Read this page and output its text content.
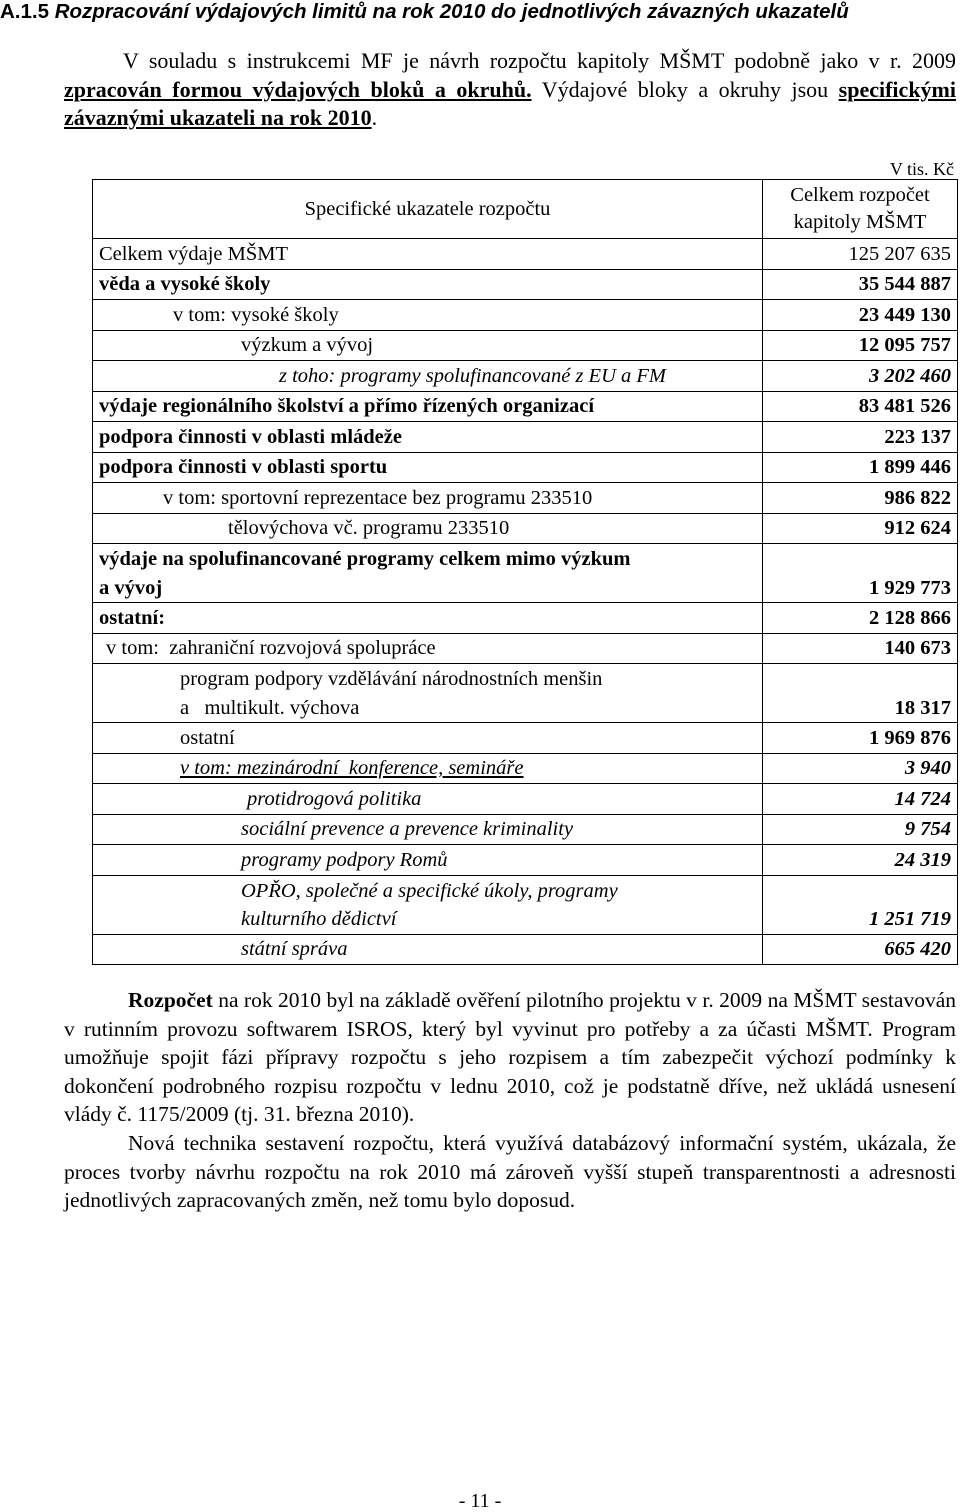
A.1.5 Rozpracování výdajových limitů na rok 2010 do jednotlivých závazných ukazatelů

V souladu s instrukcemi MF je návrh rozpočtu kapitoly MŠMT podobně jako v r. 2009 zpracován formou výdajových bloků a okruhů. Výdajové bloky a okruhy jsou specifickými závaznými ukazateli na rok 2010.

V tis. Kč
Specifické ukazatele rozpočtu	Celkem rozpočet
kapitoly MŠMT
Celkem výdaje MŠMT	125 207 635
věda a vysoké školy	35 544 887
v tom: vysoké školy	23 449 130
výzkum a vývoj	12 095 757
z toho: programy spolufinancované z EU a FM	3 202 460
výdaje regionálního školství a přímo řízených organizací	83 481 526
podpora činnosti v oblasti mládeže	223 137
podpora činnosti v oblasti sportu	1 899 446
v tom: sportovní reprezentace bez programu 233510	986 822
tělovýchova vč. programu 233510	912 624
výdaje na spolufinancované programy celkem mimo výzkum
a vývoj	1 929 773
ostatní:	2 128 866
v tom:  zahraniční rozvojová spolupráce	140 673
program podpory vzdělávání národnostních menšin
a   multikult. výchova	18 317
ostatní	1 969 876
v tom: mezinárodní  konference, semináře	3 940
protidrogová politika	14 724
sociální prevence a prevence kriminality	9 754
programy podpory Romů	24 319
OPŘO, společné a specifické úkoly, programy
kulturního dědictví	1 251 719
státní správa	665 420

Rozpočet na rok 2010 byl na základě ověření pilotního projektu v r. 2009 na MŠMT sestavován v rutinním provozu softwarem ISROS, který byl vyvinut pro potřeby a za účasti MŠMT. Program umožňuje spojit fázi přípravy rozpočtu s jeho rozpisem a tím zabezpečit výchozí podmínky k dokončení podrobného rozpisu rozpočtu v lednu 2010, což je podstatně dříve, než ukládá usnesení vlády č. 1175/2009 (tj. 31. března 2010).

Nová technika sestavení rozpočtu, která využívá databázový informační systém, ukázala, že proces tvorby návrhu rozpočtu na rok 2010 má zároveň vyšší stupeň transparentnosti a adresnosti jednotlivých zapracovaných změn, než tomu bylo doposud.

- 11 -
